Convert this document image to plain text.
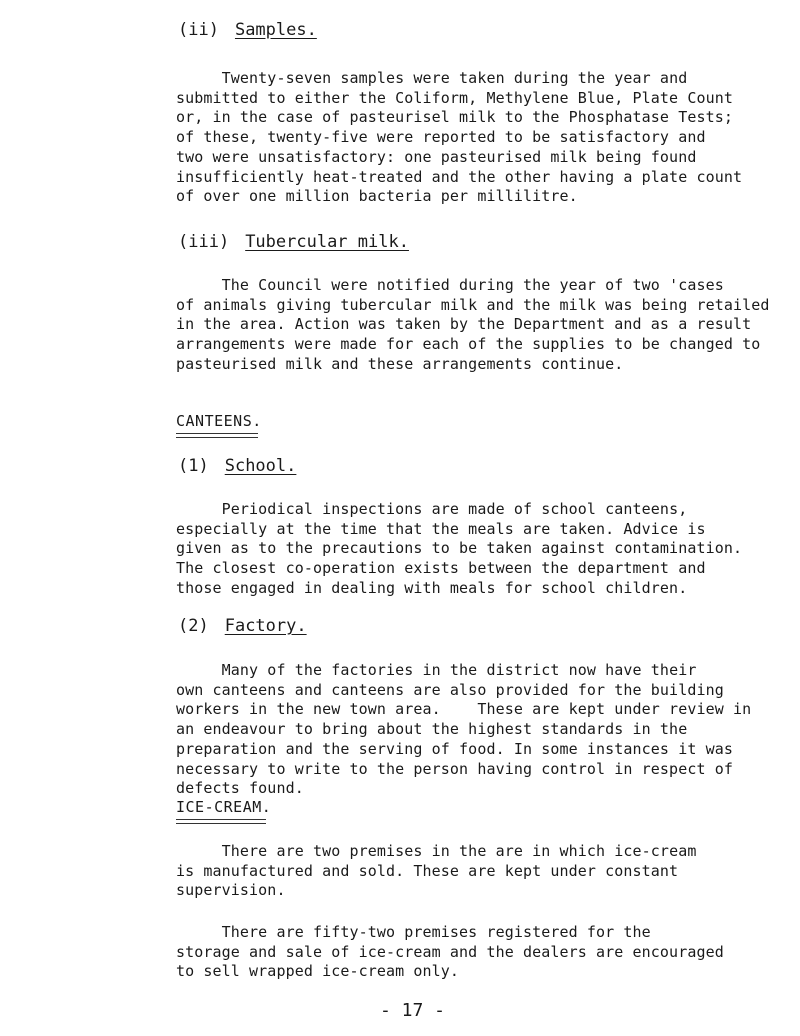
(ii) Samples.

Twenty-seven samples were taken during the year and
submitted to either the Coliform, Methylene Blue, Plate Count
or, in the case of pasteurisel milk to the Phosphatase Tests;
of these, twenty-five were reported to be satisfactory and
two were unsatisfactory: one pasteurised milk being found
insufficiently heat-treated and the other having a plate count
of over one million bacteria per millilitre.

(iii) Tubercular milk.

The Council were notified during the year of two 'cases
of animals giving tubercular milk and the milk was being retailed
in the area. Action was taken by the Department and as a result
arrangements were made for each of the supplies to be changed to
pasteurised milk and these arrangements continue.

CANTEENS.

(1) School.

Periodical inspections are made of school canteens,
especially at the time that the meals are taken. Advice is
given as to the precautions to be taken against contamination.
The closest co-operation exists between the department and
those engaged in dealing with meals for school children.

(2) Factory.

Many of the factories in the district now have their
own canteens and canteens are also provided for the building
workers in the new town area.    These are kept under review in
an endeavour to bring about the highest standards in the
preparation and the serving of food. In some instances it was
necessary to write to the person having control in respect of
defects found.

ICE-CREAM.

There are two premises in the are in which ice-cream
is manufactured and sold. These are kept under constant
supervision.

There are fifty-two premises registered for the
storage and sale of ice-cream and the dealers are encouraged
to sell wrapped ice-cream only.

- 17 -
